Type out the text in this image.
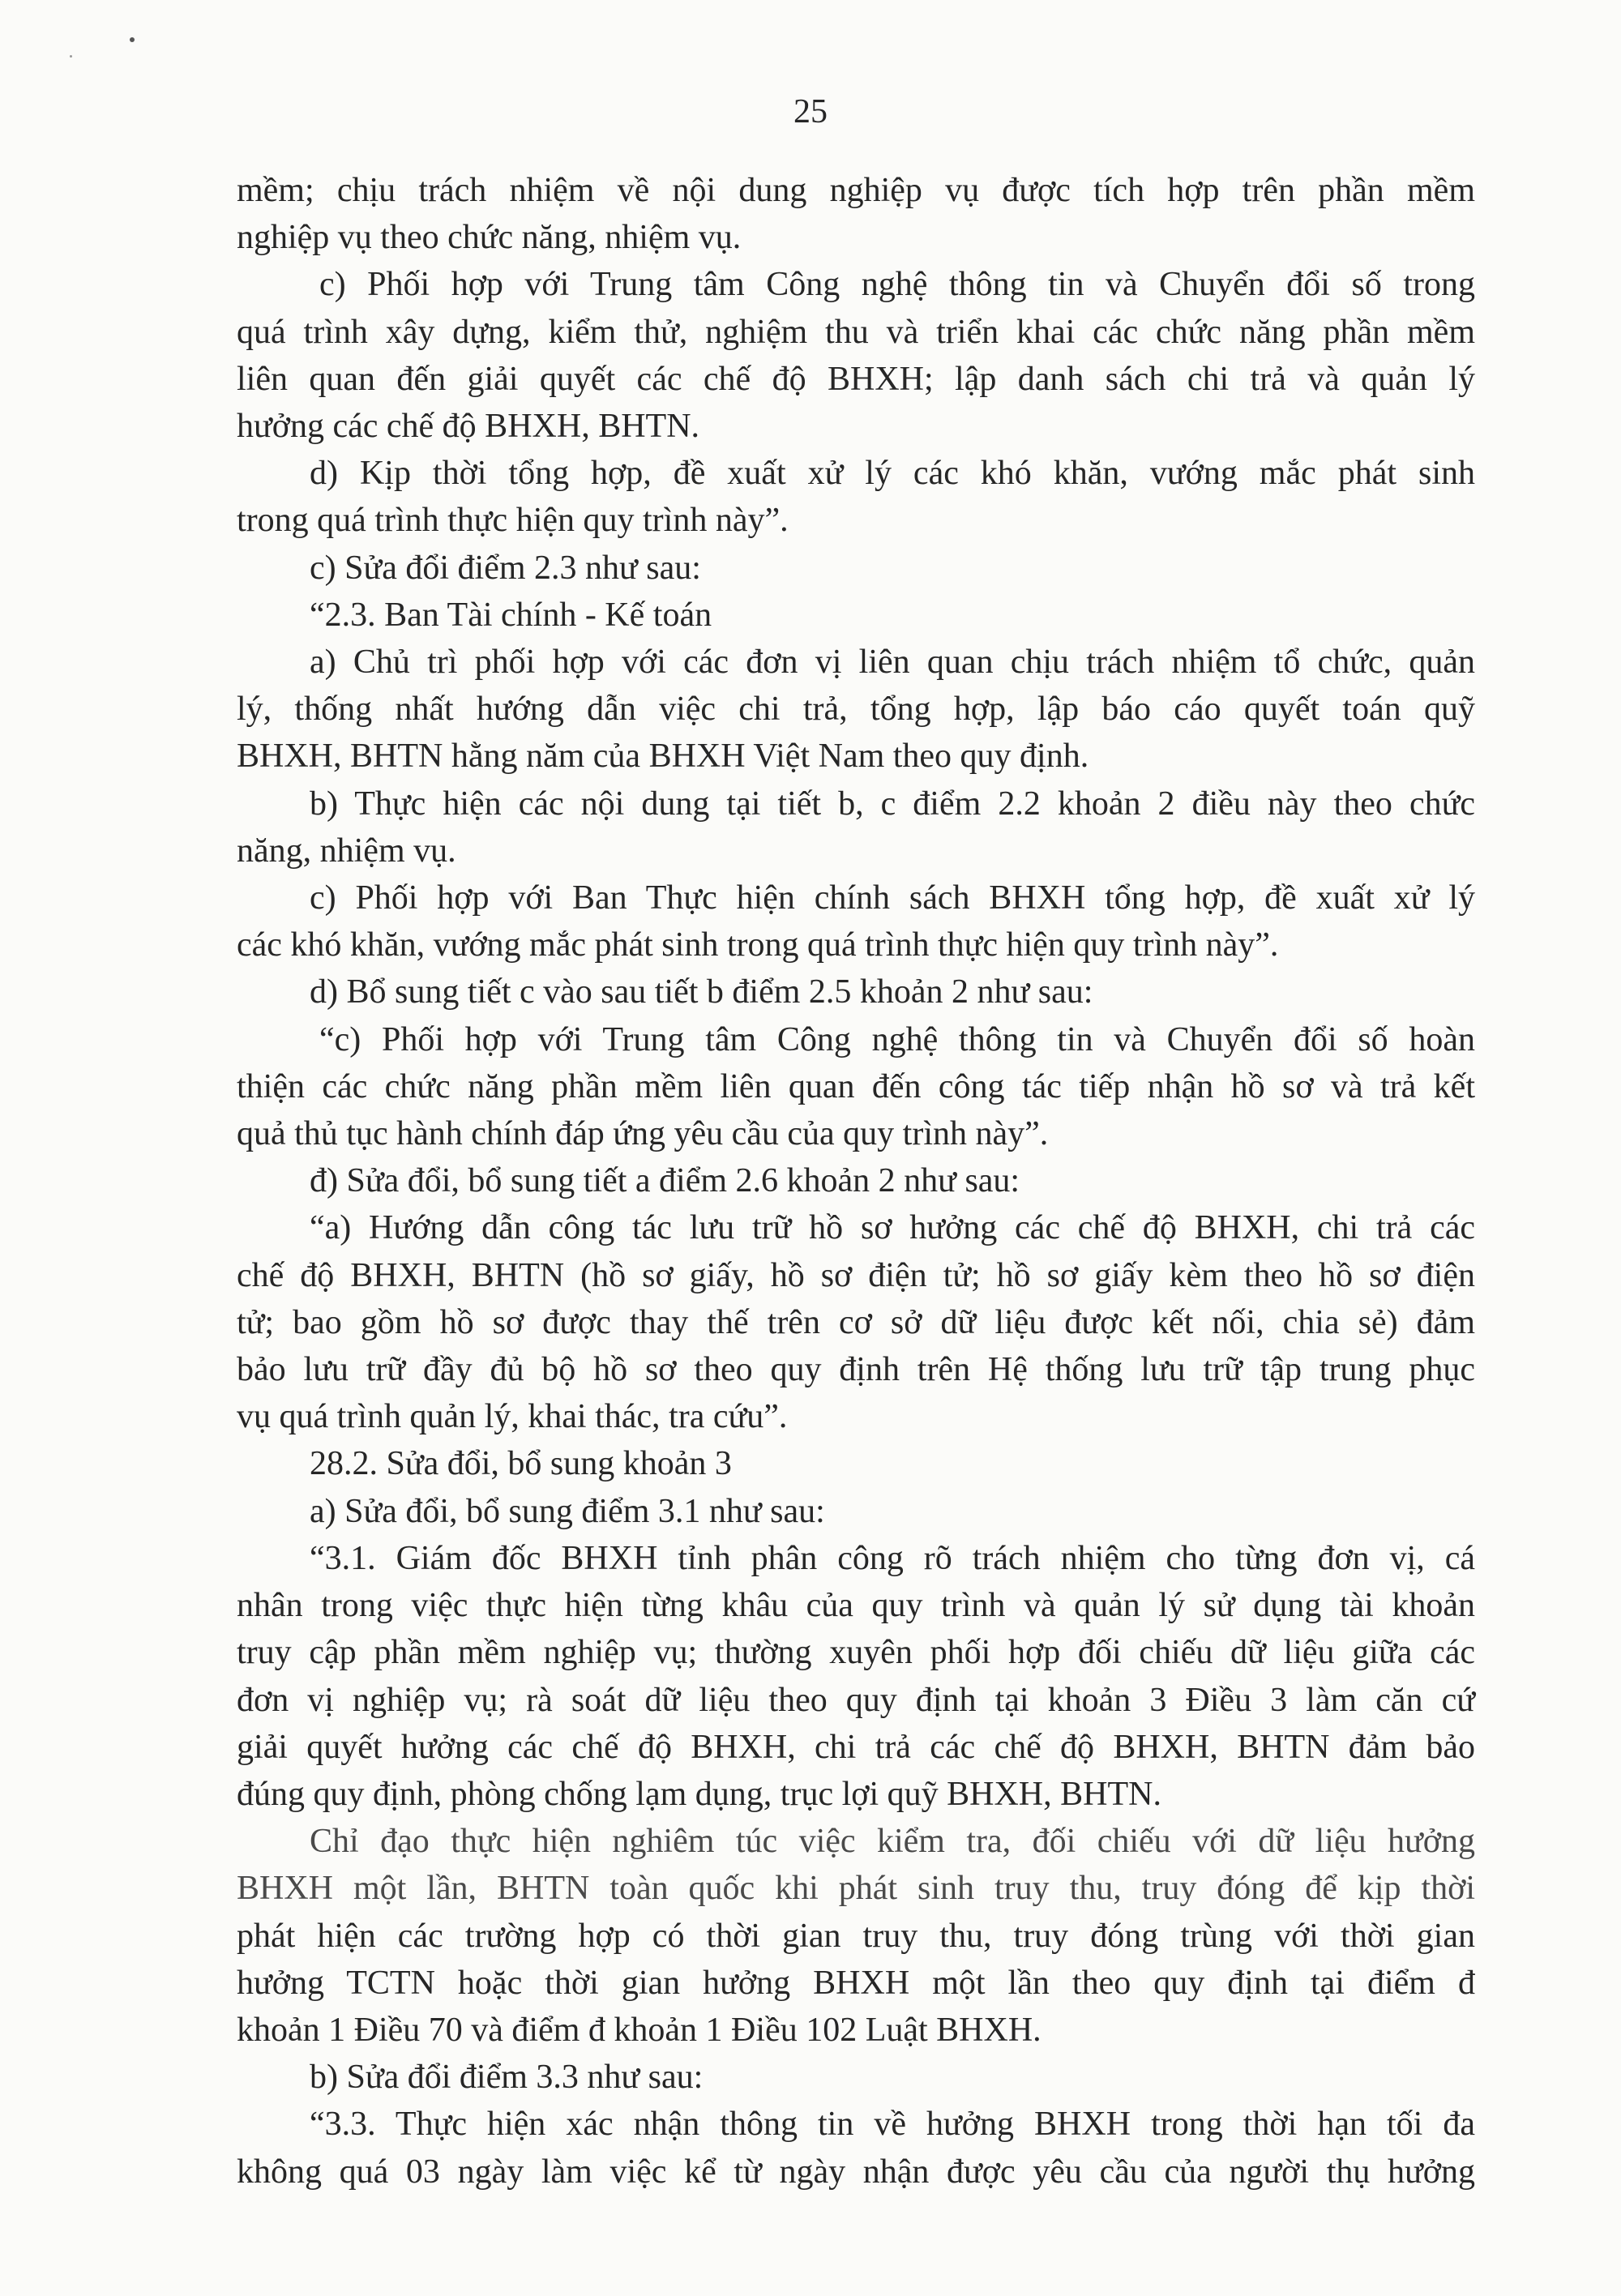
25
mềm; chịu trách nhiệm về nội dung nghiệp vụ được tích hợp trên phần mềm
nghiệp vụ theo chức năng, nhiệm vụ.
c) Phối hợp với Trung tâm Công nghệ thông tin và Chuyển đổi số trong
quá trình xây dựng, kiểm thử, nghiệm thu và triển khai các chức năng phần mềm
liên quan đến giải quyết các chế độ BHXH; lập danh sách chi trả và quản lý
hưởng các chế độ BHXH, BHTN.
d) Kịp thời tổng hợp, đề xuất xử lý các khó khăn, vướng mắc phát sinh
trong quá trình thực hiện quy trình này”.
c) Sửa đổi điểm 2.3 như sau:
“2.3. Ban Tài chính - Kế toán
a) Chủ trì phối hợp với các đơn vị liên quan chịu trách nhiệm tổ chức, quản
lý, thống nhất hướng dẫn việc chi trả, tổng hợp, lập báo cáo quyết toán quỹ
BHXH, BHTN hằng năm của BHXH Việt Nam theo quy định.
b) Thực hiện các nội dung tại tiết b, c điểm 2.2 khoản 2 điều này theo chức
năng, nhiệm vụ.
c) Phối hợp với Ban Thực hiện chính sách BHXH tổng hợp, đề xuất xử lý
các khó khăn, vướng mắc phát sinh trong quá trình thực hiện quy trình này”.
d) Bổ sung tiết c vào sau tiết b điểm 2.5 khoản 2 như sau:
“c) Phối hợp với Trung tâm Công nghệ thông tin và Chuyển đổi số hoàn
thiện các chức năng phần mềm liên quan đến công tác tiếp nhận hồ sơ và trả kết
quả thủ tục hành chính đáp ứng yêu cầu của quy trình này”.
đ) Sửa đổi, bổ sung tiết a điểm 2.6 khoản 2 như sau:
“a) Hướng dẫn công tác lưu trữ hồ sơ hưởng các chế độ BHXH, chi trả các
chế độ BHXH, BHTN (hồ sơ giấy, hồ sơ điện tử; hồ sơ giấy kèm theo hồ sơ điện
tử; bao gồm hồ sơ được thay thế trên cơ sở dữ liệu được kết nối, chia sẻ) đảm
bảo lưu trữ đầy đủ bộ hồ sơ theo quy định trên Hệ thống lưu trữ tập trung phục
vụ quá trình quản lý, khai thác, tra cứu”.
28.2. Sửa đổi, bổ sung khoản 3
a) Sửa đổi, bổ sung điểm 3.1 như sau:
“3.1. Giám đốc BHXH tỉnh phân công rõ trách nhiệm cho từng đơn vị, cá
nhân trong việc thực hiện từng khâu của quy trình và quản lý sử dụng tài khoản
truy cập phần mềm nghiệp vụ; thường xuyên phối hợp đối chiếu dữ liệu giữa các
đơn vị nghiệp vụ; rà soát dữ liệu theo quy định tại khoản 3 Điều 3 làm căn cứ
giải quyết hưởng các chế độ BHXH, chi trả các chế độ BHXH, BHTN đảm bảo
đúng quy định, phòng chống lạm dụng, trục lợi quỹ BHXH, BHTN.
Chỉ đạo thực hiện nghiêm túc việc kiểm tra, đối chiếu với dữ liệu hưởng
BHXH một lần, BHTN toàn quốc khi phát sinh truy thu, truy đóng để kịp thời
phát hiện các trường hợp có thời gian truy thu, truy đóng trùng với thời gian
hưởng TCTN hoặc thời gian hưởng BHXH một lần theo quy định tại điểm đ
khoản 1 Điều 70 và điểm đ khoản 1 Điều 102 Luật BHXH.
b) Sửa đổi điểm 3.3 như sau:
“3.3. Thực hiện xác nhận thông tin về hưởng BHXH trong thời hạn tối đa
không quá 03 ngày làm việc kể từ ngày nhận được yêu cầu của người thụ hưởng
